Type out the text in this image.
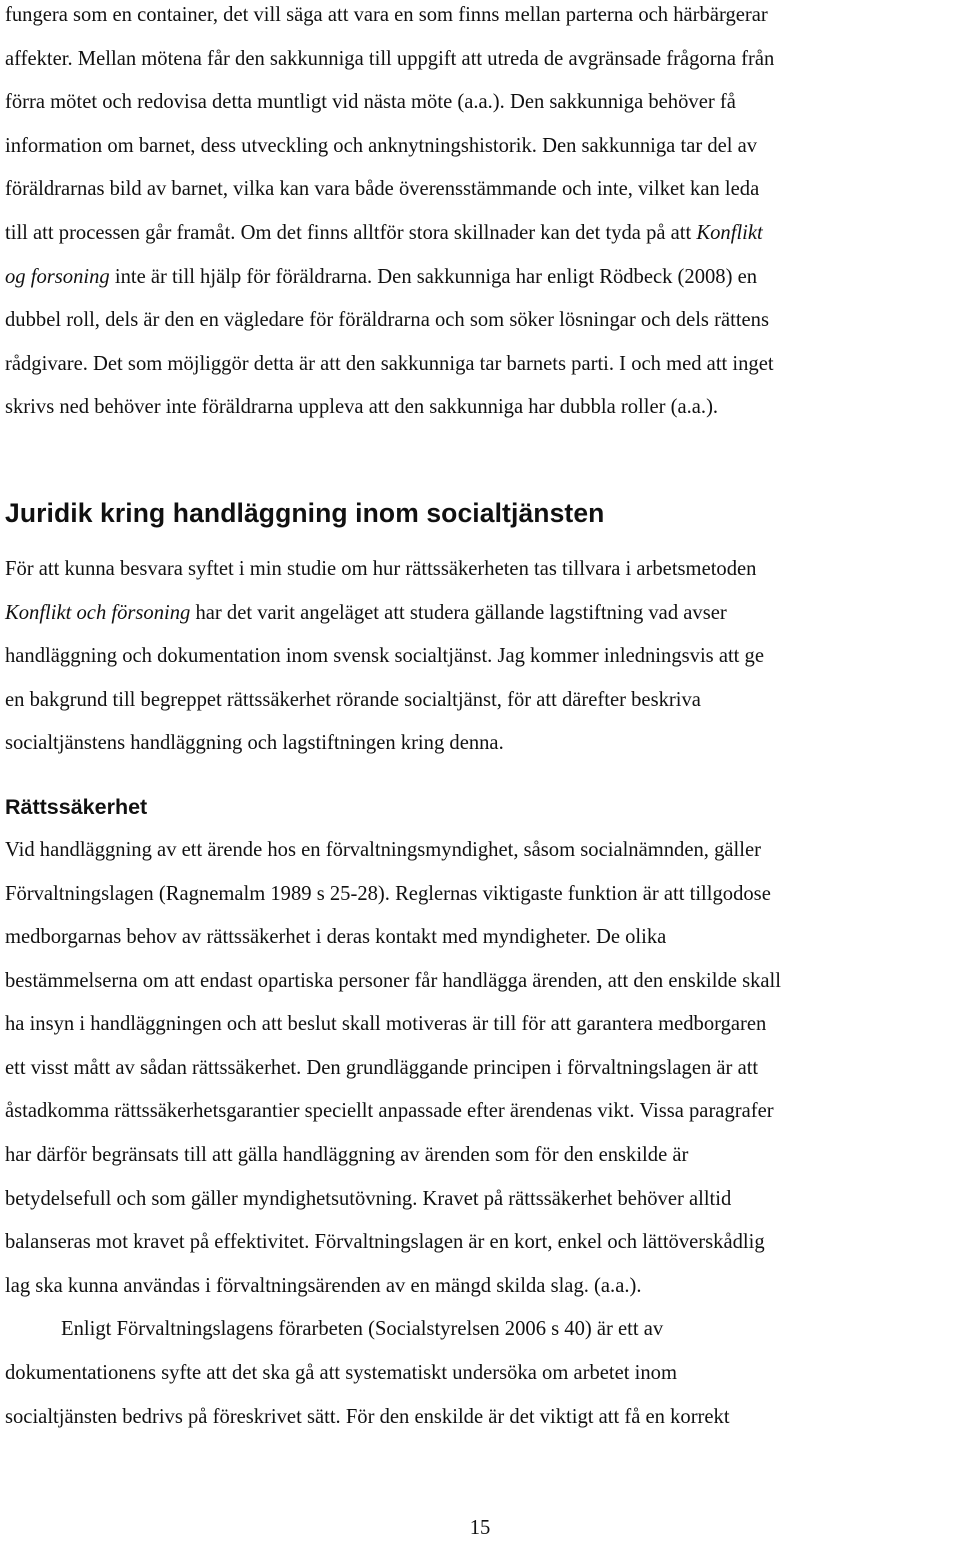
fungera som en container, det vill säga att vara en som finns mellan parterna och härbärgerar
affekter. Mellan mötena får den sakkunniga till uppgift att utreda de avgränsade frågorna från
förra mötet och redovisa detta muntligt vid nästa möte (a.a.). Den sakkunniga behöver få
information om barnet, dess utveckling och anknytningshistorik. Den sakkunniga tar del av
föräldrarnas bild av barnet, vilka kan vara både överensstämmande och inte, vilket kan leda
till att processen går framåt. Om det finns alltför stora skillnader kan det tyda på att Konflikt
og forsoning inte är till hjälp för föräldrarna. Den sakkunniga har enligt Rödbeck (2008) en
dubbel roll, dels är den en vägledare för föräldrarna och som söker lösningar och dels rättens
rådgivare. Det som möjliggör detta är att den sakkunniga tar barnets parti. I och med att inget
skrivs ned behöver inte föräldrarna uppleva att den sakkunniga har dubbla roller (a.a.).

Juridik kring handläggning inom socialtjänsten

För att kunna besvara syftet i min studie om hur rättssäkerheten tas tillvara i arbetsmetoden
Konflikt och försoning har det varit angeläget att studera gällande lagstiftning vad avser
handläggning och dokumentation inom svensk socialtjänst. Jag kommer inledningsvis att ge
en bakgrund till begreppet rättssäkerhet rörande socialtjänst, för att därefter beskriva
socialtjänstens handläggning och lagstiftningen kring denna.

Rättssäkerhet

Vid handläggning av ett ärende hos en förvaltningsmyndighet, såsom socialnämnden, gäller
Förvaltningslagen (Ragnemalm 1989 s 25-28). Reglernas viktigaste funktion är att tillgodose
medborgarnas behov av rättssäkerhet i deras kontakt med myndigheter. De olika
bestämmelserna om att endast opartiska personer får handlägga ärenden, att den enskilde skall
ha insyn i handläggningen och att beslut skall motiveras är till för att garantera medborgaren
ett visst mått av sådan rättssäkerhet. Den grundläggande principen i förvaltningslagen är att
åstadkomma rättssäkerhetsgarantier speciellt anpassade efter ärendenas vikt. Vissa paragrafer
har därför begränsats till att gälla handläggning av ärenden som för den enskilde är
betydelsefull och som gäller myndighetsutövning. Kravet på rättssäkerhet behöver alltid
balanseras mot kravet på effektivitet. Förvaltningslagen är en kort, enkel och lättöverskådlig
lag ska kunna användas i förvaltningsärenden av en mängd skilda slag. (a.a.).

Enligt Förvaltningslagens förarbeten (Socialstyrelsen 2006 s 40) är ett av
dokumentationens syfte att det ska gå att systematiskt undersöka om arbetet inom
socialtjänsten bedrivs på föreskrivet sätt. För den enskilde är det viktigt att få en korrekt

15
